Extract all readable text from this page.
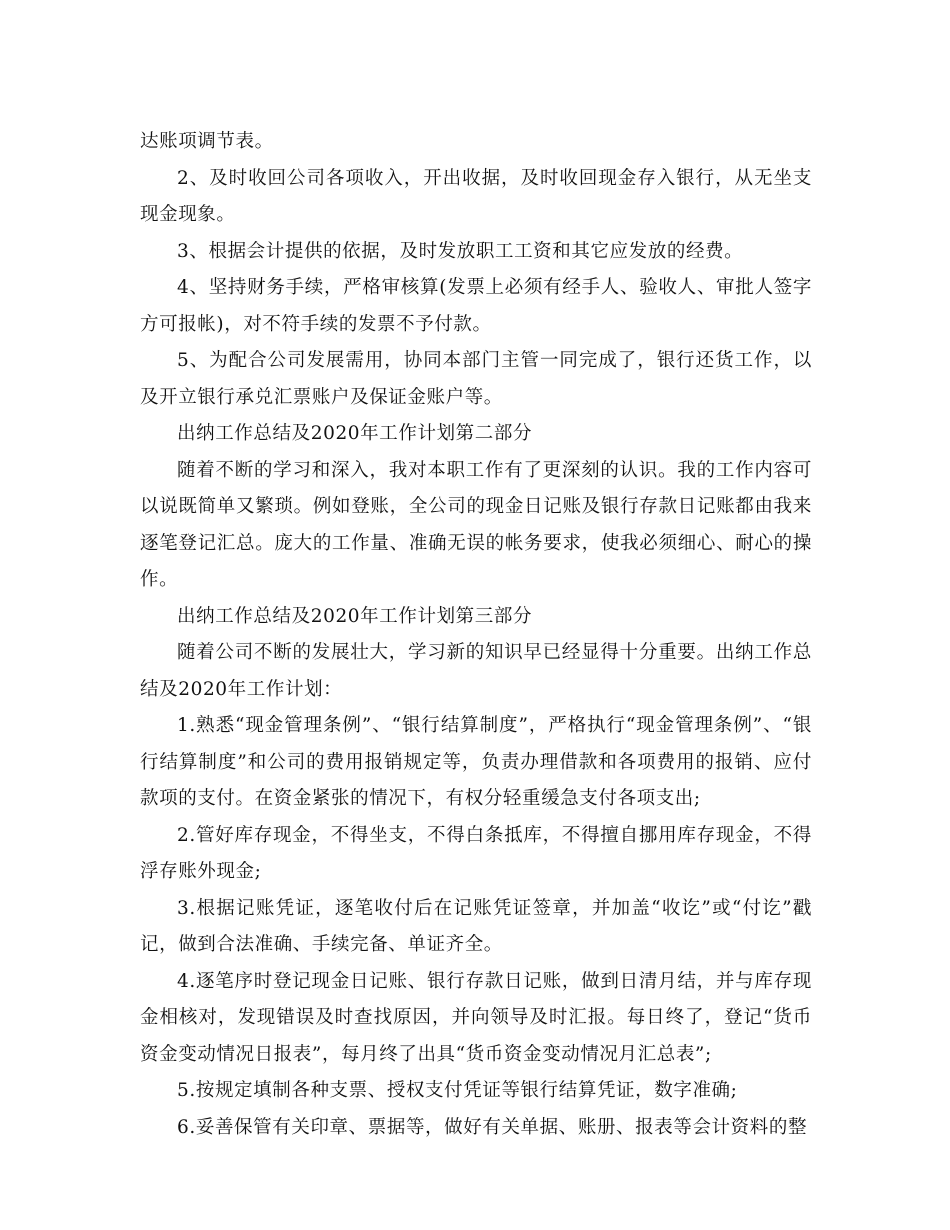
达账项调节表。

2、及时收回公司各项收入，开出收据，及时收回现金存入银行，从无坐支现金现象。

3、根据会计提供的依据，及时发放职工工资和其它应发放的经费。

4、坚持财务手续，严格审核算(发票上必须有经手人、验收人、审批人签字方可报帐)，对不符手续的发票不予付款。

5、为配合公司发展需用，协同本部门主管一同完成了，银行还货工作，以及开立银行承兑汇票账户及保证金账户等。

出纳工作总结及2020年工作计划第二部分

随着不断的学习和深入，我对本职工作有了更深刻的认识。我的工作内容可以说既简单又繁琐。例如登账，全公司的现金日记账及银行存款日记账都由我来逐笔登记汇总。庞大的工作量、准确无误的帐务要求，使我必须细心、耐心的操作。

出纳工作总结及2020年工作计划第三部分

随着公司不断的发展壮大，学习新的知识早已经显得十分重要。出纳工作总结及2020年工作计划：

1.熟悉“现金管理条例”、“银行结算制度”，严格执行“现金管理条例”、“银行结算制度”和公司的费用报销规定等，负责办理借款和各项费用的报销、应付款项的支付。在资金紧张的情况下，有权分轻重缓急支付各项支出;

2.管好库存现金，不得坐支，不得白条抵库，不得擅自挪用库存现金，不得浮存账外现金;

3.根据记账凭证，逐笔收付后在记账凭证签章，并加盖“收讫”或“付讫”戳记，做到合法准确、手续完备、单证齐全。

4.逐笔序时登记现金日记账、银行存款日记账，做到日清月结，并与库存现金相核对，发现错误及时查找原因，并向领导及时汇报。每日终了，登记“货币资金变动情况日报表”，每月终了出具“货币资金变动情况月汇总表”;

5.按规定填制各种支票、授权支付凭证等银行结算凭证，数字准确;

6.妥善保管有关印章、票据等，做好有关单据、账册、报表等会计资料的整
